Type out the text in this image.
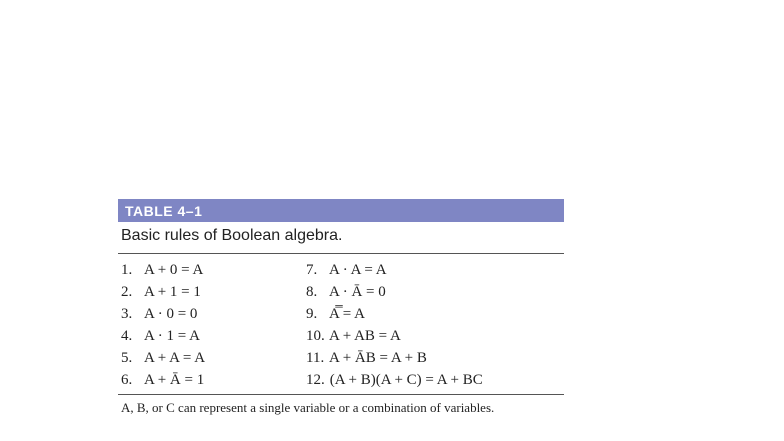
TABLE 4–1
Basic rules of Boolean algebra.
1. A + 0 = A
2. A + 1 = 1
3. A · 0 = 0
4. A · 1 = A
5. A + A = A
6. A + Ā = 1
7. A · A = A
8. A · Ā = 0
9. A̿ = A
10. A + AB = A
11. A + ĀB = A + B
12. (A + B)(A + C) = A + BC
A, B, or C can represent a single variable or a combination of variables.
